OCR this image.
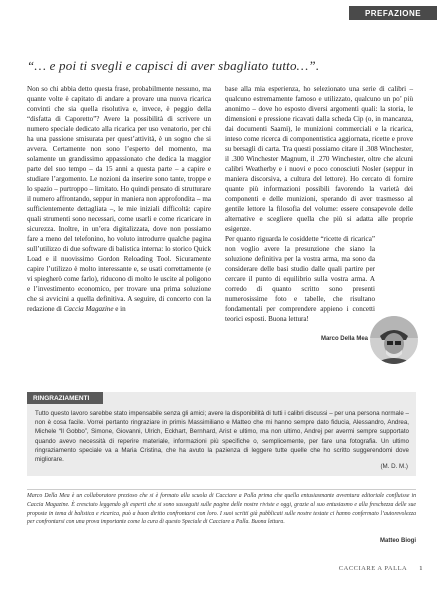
PREFAZIONE
“… e poi ti svegli e capisci di aver sbagliato tutto…”.

Non so chi abbia detto questa frase, probabilmente nessuno, ma quante volte è capitato di andare a provare una nuova ricarica convinti che sia quella risolutiva e, invece, è peggio della “disfatta di Caporetto”? Avere la possibilità di scrivere un numero speciale dedicato alla ricarica per uso venatorio, per chi ha una passione smisurata per quest’attività, è un sogno che si avvera. Certamente non sono l’esperto del momento, ma solamente un grandissimo appassionato che dedica la maggior parte del suo tempo – da 15 anni a questa parte – a capire e studiare l’argomento. Le nozioni da inserire sono tante, troppe e lo spazio – purtroppo – limitato. Ho quindi pensato di strutturare il numero affrontando, seppur in maniera non approfondita – ma sufficientemente dettagliata –, le mie iniziali difficoltà: capire quali strumenti sono necessari, come usarli e come ricaricare in sicurezza. Inoltre, in un’era digitalizzata, dove non possiamo fare a meno del telefonino, ho voluto introdurre qualche pagina sull’utilizzo di due software di balistica interna: lo storico Quick Load e il nuovissimo Gordon Reloading Tool. Sicuramente capire l’utilizzo è molto interessante e, se usati correttamente (e vi spiegherò come farlo), riducono di molto le uscite al poligono e l’investimento economico, per trovare una prima soluzione che si avvicini a quella definitiva. A seguire, di concerto con la redazione di Caccia Magazine e in

base alla mia esperienza, ho selezionato una serie di calibri – qualcuno estremamente famoso e utilizzato, qualcuno un po’ più anonimo – dove ho esposto diversi argomenti quali: la storia, le dimensioni e pressione ricavati dalla scheda Cip (o, in mancanza, dai documenti Saami), le munizioni commerciali e la ricarica, inteso come ricerca di componentistica aggiornata, ricette e prove su bersagli di carta. Tra questi possiamo citare il .308 Winchester, il .300 Winchester Magnum, il .270 Winchester, oltre che alcuni calibri Weatherby e i nuovi e poco conosciuti Nosler (seppur in maniera discorsiva, a cultura del lettore). Ho cercato di fornire quante più informazioni possibili favorendo la varietà dei componenti e delle munizioni, sperando di aver trasmesso al gentile lettore la filosofia del volume: essere consapevole delle alternative e scegliere quella che più si adatta alle proprie esigenze.

Per quanto riguarda le cosiddette “ricette di ricarica” non voglio avere la presunzione che siano la soluzione definitiva per la vostra arma, ma sono da considerare delle basi studio dalle quali partire per cercare il punto di equilibrio sulla vostra arma. A corredo di quanto scritto sono presenti numerosissime foto e tabelle, che risultano fondamentali per comprendere appieno i concetti teorici esposti. Buona lettura!

Marco Della Mea
RINGRAZIAMENTI
Tutto questo lavoro sarebbe stato impensabile senza gli amici; avere la disponibilità di tutti i calibri discussi – per una persona normale – non è cosa facile. Vorrei pertanto ringraziare in primis Massimiliano e Matteo che mi hanno sempre dato fiducia, Alessandro, Andrea, Michele “Il Gobbo”, Simone, Giovanni, Ulrich, Eckhart, Bernhard, Arist e ultimo, ma non ultimo, Andrej per avermi sempre supportato quando avevo necessità di reperire materiale, informazioni più specifiche o, semplicemente, per fare una fotografia. Un ultimo ringraziamento speciale va a Maria Cristina, che ha avuto la pazienza di leggere tutte quelle che ho scritto suggerendomi dove migliorare.
(M. D. M.)
Marco Della Mea è un collaboratore prezioso che si è formato alla scuola di Cacciare a Palla prima che quella entusiasmante avventura editoriale confluisse in Caccia Magazine. È cresciuto leggendo gli esperti che si sono susseguiti sulle pagine delle nostre riviste e oggi, grazie al suo entusiasmo e alla freschezza delle sue proposte in tema di balistica e ricarica, può a buon diritto confrontarsi con loro. I suoi scritti già pubblicati sulle nostre testate ci hanno confermato l’autorevolezza per confrontarsi con una prova importante come la cura di questo Speciale di Cacciare a Palla. Buona lettura.
Matteo Biogi
CACCIARE A PALLA 1
